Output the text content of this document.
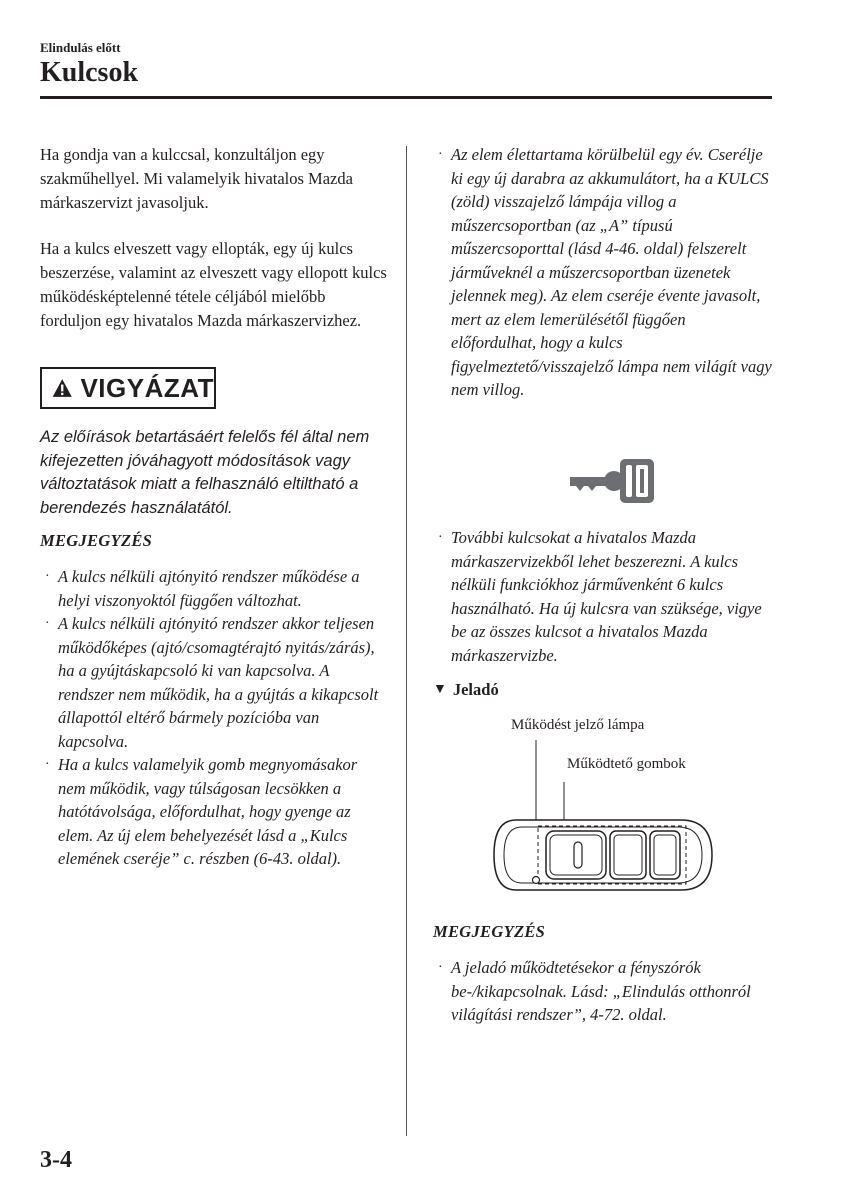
Elindulás előtt
Kulcsok

Ha gondja van a kulccsal, konzultáljon egy szakműhellyel. Mi valamelyik hivatalos Mazda márkaszervizt javasoljuk.

Ha a kulcs elveszett vagy ellopták, egy új kulcs beszerzése, valamint az elveszett vagy ellopott kulcs működésképtelenné tétele céljából mielőbb forduljon egy hivatalos Mazda márkaszervizhez.

VIGYÁZAT
Az előírások betartásáért felelős fél által nem kifejezetten jóváhagyott módosítások vagy változtatások miatt a felhasználó eltiltható a berendezés használatától.
MEGJEGYZÉS
· A kulcs nélküli ajtónyitó rendszer működése a helyi viszonyoktól függően változhat.
· A kulcs nélküli ajtónyitó rendszer akkor teljesen működőképes (ajtó/csomagtérajtó nyitás/zárás), ha a gyújtáskapcsoló ki van kapcsolva. A rendszer nem működik, ha a gyújtás a kikapcsolt állapottól eltérő bármely pozícióba van kapcsolva.
· Ha a kulcs valamelyik gomb megnyomásakor nem működik, vagy túlságosan lecsökken a hatótávolsága, előfordulhat, hogy gyenge az elem. Az új elem behelyezését lásd a „Kulcs elemének cseréje” c. részben (6-43. oldal).
· Az elem élettartama körülbelül egy év. Cserélje ki egy új darabra az akkumulátort, ha a KULCS (zöld) visszajelző lámpája villog a műszercsoportban (az „A” típusú műszercsoporttal (lásd 4-46. oldal) felszerelt járműveknél a műszercsoportban üzenetek jelennek meg). Az elem cseréje évente javasolt, mert az elem lemerülésétől függően előfordulhat, hogy a kulcs figyelmeztető/visszajelző lámpa nem világít vagy nem villog.
· További kulcsokat a hivatalos Mazda márkaszervizekből lehet beszerezni. A kulcs nélküli funkciókhoz járművenként 6 kulcs használható. Ha új kulcsra van szüksége, vigye be az összes kulcsot a hivatalos Mazda márkaszervizbe.
▼ Jeladó
Működést jelző lámpa
Működtető gombok
MEGJEGYZÉS
· A jeladó működtetésekor a fényszórók be-/kikapcsolnak. Lásd: „Elindulás otthonról világítási rendszer”, 4-72. oldal.
3-4
